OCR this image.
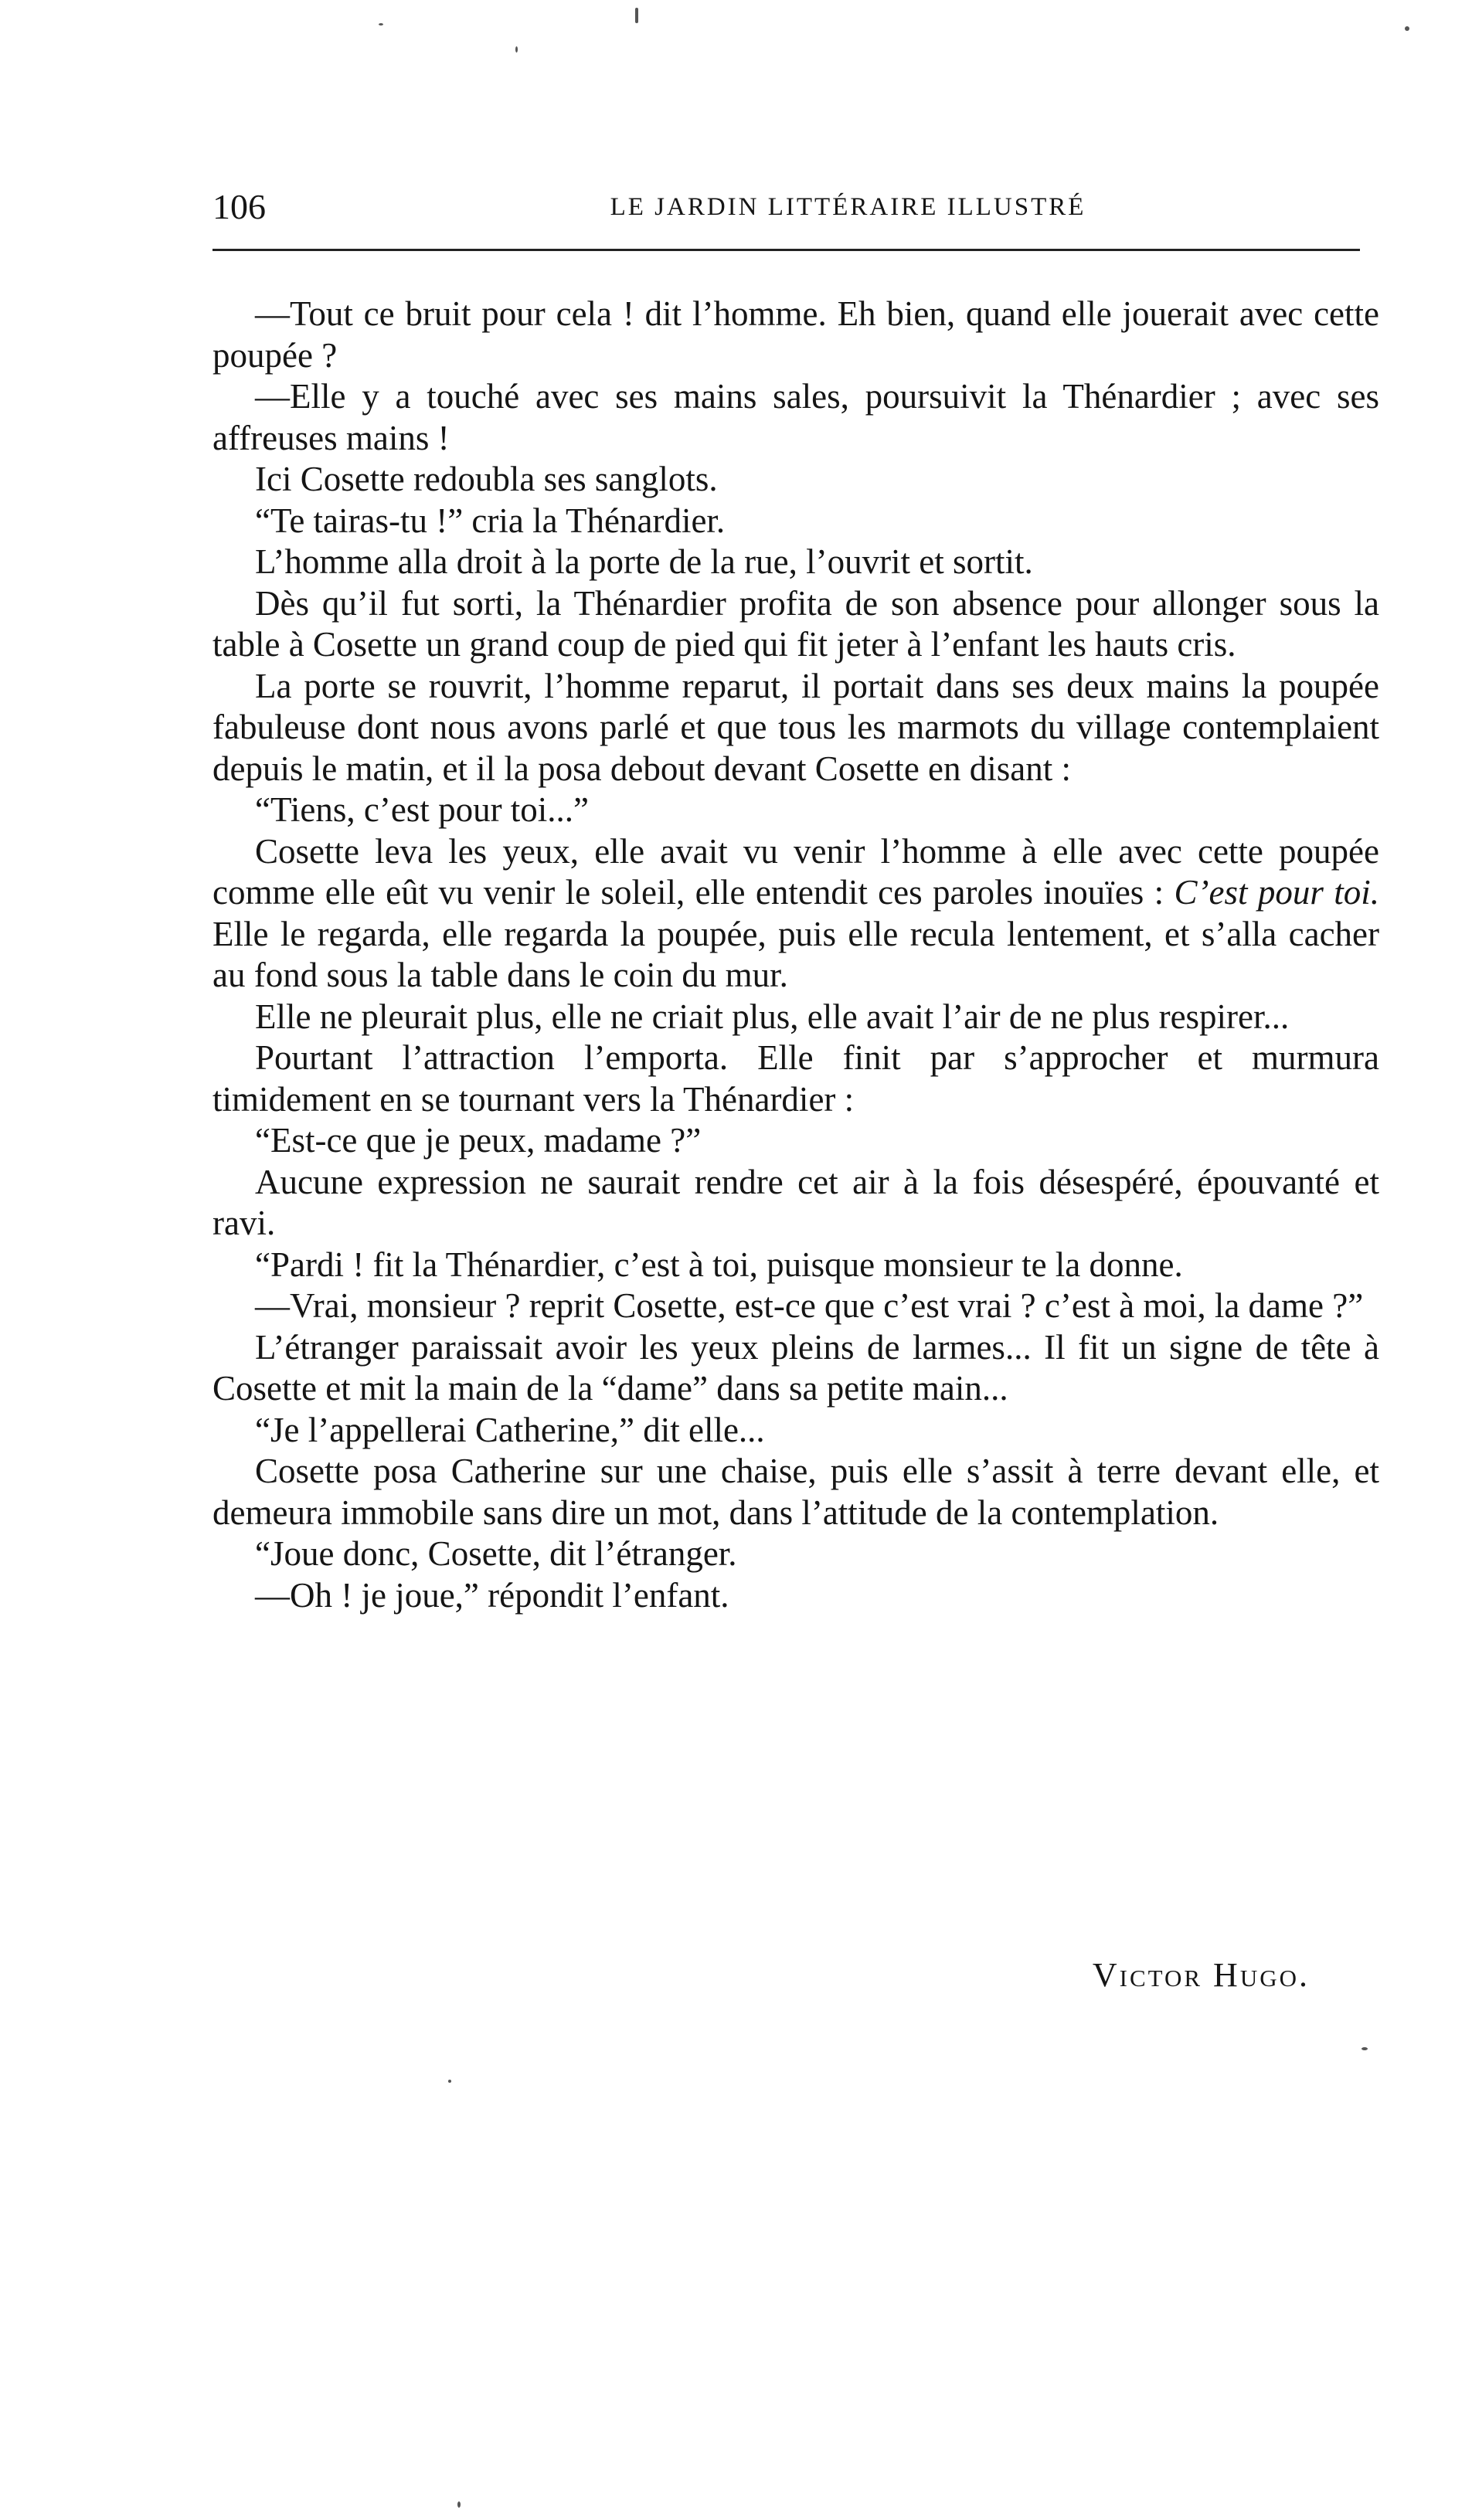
106	LE JARDIN LITTÉRAIRE ILLUSTRÉ

—Tout ce bruit pour cela ! dit l’homme. Eh bien, quand elle jouerait avec cette poupée ?

—Elle y a touché avec ses mains sales, poursuivit la Thénardier ; avec ses affreuses mains !

Ici Cosette redoubla ses sanglots.

“Te tairas-tu !” cria la Thénardier.

L’homme alla droit à la porte de la rue, l’ouvrit et sortit.

Dès qu’il fut sorti, la Thénardier profita de son absence pour allonger sous la table à Cosette un grand coup de pied qui fit jeter à l’enfant les hauts cris.

La porte se rouvrit, l’homme reparut, il portait dans ses deux mains la poupée fabuleuse dont nous avons parlé et que tous les marmots du village contemplaient depuis le matin, et il la posa debout devant Cosette en disant :

“Tiens, c’est pour toi...”

Cosette leva les yeux, elle avait vu venir l’homme à elle avec cette poupée comme elle eût vu venir le soleil, elle entendit ces paroles inouïes : C’est pour toi. Elle le regarda, elle regarda la poupée, puis elle recula lentement, et s’alla cacher au fond sous la table dans le coin du mur.

Elle ne pleurait plus, elle ne criait plus, elle avait l’air de ne plus respirer...

Pourtant l’attraction l’emporta. Elle finit par s’approcher et murmura timidement en se tournant vers la Thénardier :

“Est-ce que je peux, madame ?”

Aucune expression ne saurait rendre cet air à la fois désespéré, épouvanté et ravi.

“Pardi ! fit la Thénardier, c’est à toi, puisque monsieur te la donne.

—Vrai, monsieur ? reprit Cosette, est-ce que c’est vrai ? c’est à moi, la dame ?”

L’étranger paraissait avoir les yeux pleins de larmes... Il fit un signe de tête à Cosette et mit la main de la “dame” dans sa petite main...

“Je l’appellerai Catherine,” dit elle...

Cosette posa Catherine sur une chaise, puis elle s’assit à terre devant elle, et demeura immobile sans dire un mot, dans l’attitude de la contemplation.

“Joue donc, Cosette, dit l’étranger.

—Oh ! je joue,” répondit l’enfant.

Victor Hugo.
